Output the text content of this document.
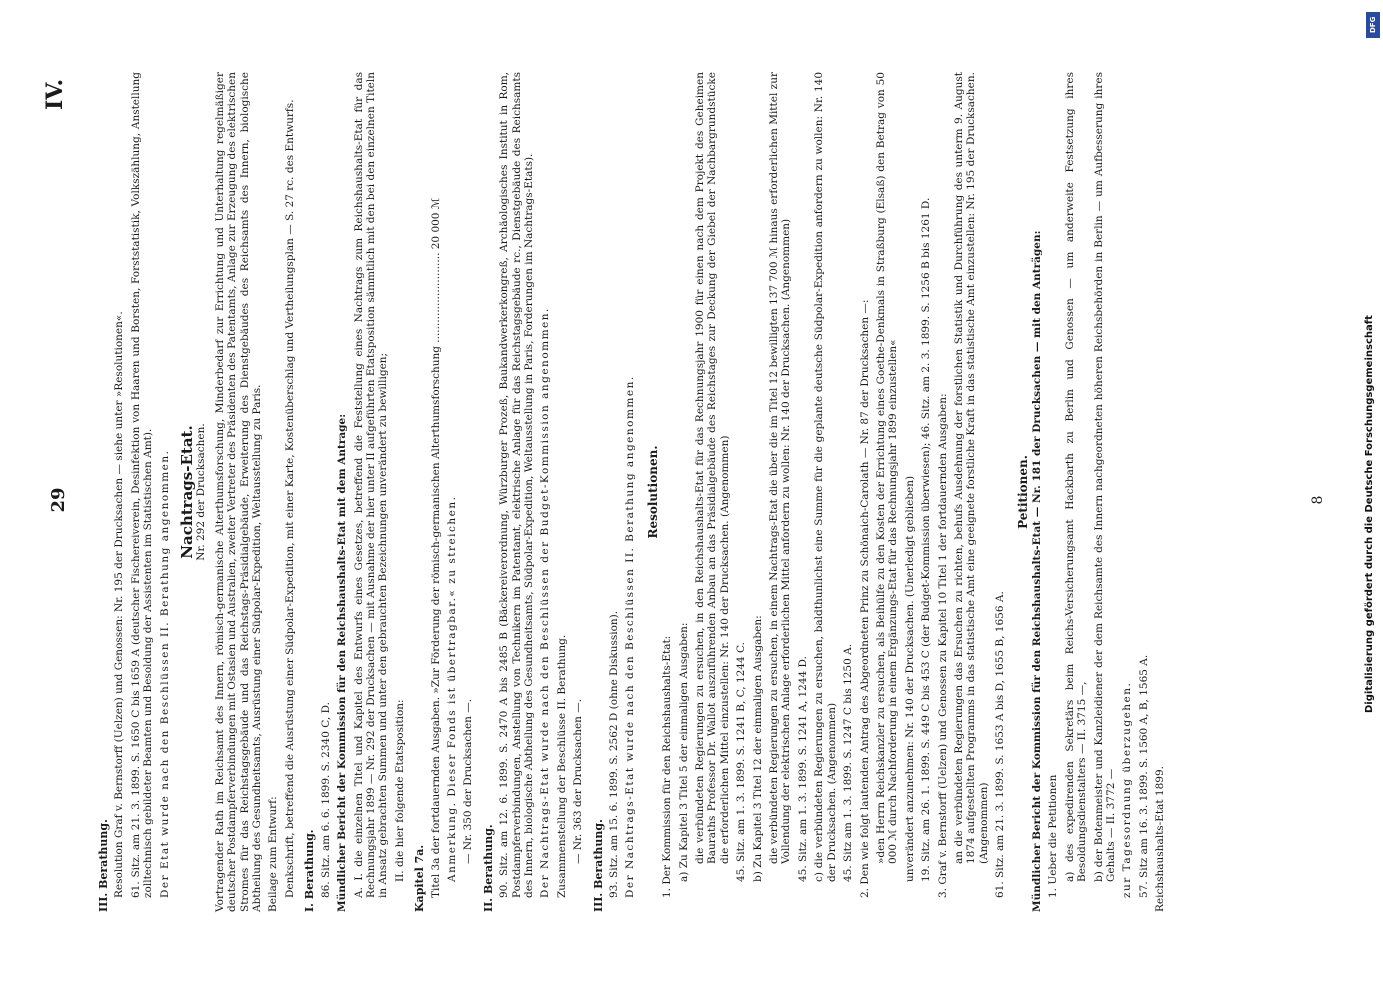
29
IV.
III. Berathung. Resolution Graf v. Bernstorff (Uelzen) und Genossen: Nr. 195 der Drucksachen — siehe unter »Resolutionen«. 61. Sitz. am 21. 3. 1899. S. 1650 C bis 1659 A (deutscher Fischereiverein, Desinfektion von Haaren und Borsten, Forststatistik, Volkszählung, Anstellung zolltechnisch gebildeter Beamten und Besoldung der Assistenten im Statistischen Amt). Der Etat wurde nach den Beschlüssen II. Berathung angenommen. Nachtrags-Etat. Nr. 292 der Drucksachen. Vortragender Rath im Reichsamt des Innern, römisch-germanische Alterthumsforschung, Minderbedarf zur Errichtung und Unterhaltung regelmäßiger deutscher Postdampferverbindungen mit Ostasien und Australien, zweiter Vertreter des Präsidenten des Patentamts, Anlage zur Erzeugung des elektrischen Stromes für das Reichstagsgebäude und das Reichstags-Präsidialgebäude, Erweiterung des Dienstgebäudes des Reichsamts des Innern, biologische Abtheilung des Gesundheitsamts, Ausrüstung einer Südpolar-Expedition, Weltausstellung zu Paris. Beilage zum Entwurf: Denkschrift, betreffend die Ausrüstung einer Südpolar-Expedition, mit einer Karte, Kostenüberschlag und Vertheilungsplan — S. 27 rc. des Entwurfs. I. Berathung. 86. Sitz. am 6. 6. 1899. S. 2340 C, D. Mündlicher Bericht der Kommission für den Reichshaushalts-Etat mit dem Antrage: A. I. die einzelnen Titel und Kapitel des Entwurfs eines Gesetzes, betreffend die Feststellung eines Nachtrags zum Reichshaushalts-Etat für das Rechnungsjahr 1899 — Nr. 292 der Drucksachen — mit Ausnahme der hier unter II aufgeführten Etatsposition sämmtlich mit den bei den einzelnen Titeln in Ansatz gebrachten Summen und unter den gebrauchten Bezeichnungen unverändert zu bewilligen; II. die hier folgende Etatsposition: Kapitel 7a. Titel 3a der fortdauernden Ausgaben. »Zur Förderung der römisch-germanischen Alterthumsforschung ........................... 20 000 ℳ Anmerkung. Dieser Fonds ist übertragbar.« zu streichen. — Nr. 350 der Drucksachen —.

II. Berathung. 90. Sitz. am 12. 6. 1899. S. 2470 A bis 2485 B (Bäckereiverordnung, Würzburger Prozeß, Baukandwerkerkongreß, Archäologisches Institut in Rom, Postdampferverbindungen, Anstellung von Technikern im Patentamt, elektrische Anlage für das Reichstagsgebäude rc., Dienstgebäude des Reichsamts des Innern, biologische Abtheilung des Gesundheitsamts, Südpolar-Expedition, Weltausstellung in Paris, Forderungen im Nachtrags-Etats). Der Nachtrags-Etat wurde nach den Beschlüssen der Budget-Kommission angenommen. Zusammenstellung der Beschlüsse II. Berathung. — Nr. 363 der Drucksachen —.

III. Berathung. 93. Sitz. am 15. 6. 1899. S. 2562 D (ohne Diskussion). Der Nachtrags-Etat wurde nach den Beschlüssen II. Berathung angenommen. Resolutionen.

1. Der Kommission für den Reichshaushalts-Etat: a) Zu Kapitel 3 Titel 5 der einmaligen Ausgaben: die verbündeten Regierungen zu ersuchen, in den Reichshaushalts-Etat für das Rechnungsjahr 1900 für einen nach dem Projekt des Geheimen Bauraths Professor Dr. Wallot auszuführenden Anbau an das Präsidialgebäude des Reichstages zur Deckung der Giebel der Nachbargrundstücke die erforderlichen Mittel einzustellen: Nr. 140 der Drucksachen. (Angenommen) 45. Sitz. am 1. 3. 1899. S. 1241 B, C, 1244 C. b) Zu Kapitel 3 Titel 12 der einmaligen Ausgaben: die verbündeten Regierungen zu ersuchen, in einem Nachtrags-Etat die über die im Titel 12 bewilligten 137 700 ℳ hinaus erforderlichen Mittel zur Vollendung der elektrischen Anlage erforderlichen Mittel anfordern zu wollen: Nr. 140 der Drucksachen. (Angenommen) 45. Sitz. am 1. 3. 1899. S. 1241 A, 1244 D. c) die verbündeten Regierungen zu ersuchen, baldthunlichst eine Summe für die geplante deutsche Südpolar-Expedition anfordern zu wollen: Nr. 140 der Drucksachen. (Angenommen) 45. Sitz am 1. 3. 1899. S. 1247 C bis 1250 A. 2. Den wie folgt lautenden Antrag des Abgeordneten Prinz zu Schönaich-Carolath — Nr. 87 der Drucksachen —: »den Herrn Reichskanzler zu ersuchen, als Beihülfe zu den Kosten der Errichtung eines Goethe-Denkmals in Straßburg (Elsaß) den Betrag von 50 000 ℳ durch Nachforderung in einem Ergänzungs-Etat für das Rechnungsjahr 1899 einzustellen« unverändert anzunehmen: Nr. 140 der Drucksachen. (Unerledigt geblieben) 19. Sitz. am 26. 1. 1899. S. 449 C bis 453 C (der Budget-Kommission überwiesen); 46. Sitz. am 2. 3. 1899. S. 1256 B bis 1261 D. 3. Graf v. Bernstorff (Uelzen) und Genossen zu Kapitel 10 Titel 1 der fortdauernden Ausgaben: an die verbündeten Regierungen das Ersuchen zu richten, behufs Ausdehnung der forstlichen Statistik und Durchführung des unterm 9. August 1874 aufgestellten Programms in das statistische Amt eine geeignete forstliche Kraft in das statistische Amt einzustellen: Nr. 195 der Drucksachen. (Angenommen) 61. Sitz. am 21. 3. 1899. S. 1653 A bis D, 1655 B, 1656 A.

Petitionen. Mündlicher Bericht der Kommission für den Reichshaushalts-Etat — Nr. 181 der Drucksachen — mit den Anträgen: 1. Ueber die Petitionen a) des expedirenden Sekretärs beim Reichs-Versicherungsamt Hackbarth zu Berlin und Genossen — um anderweite Festsetzung ihres Besoldungsdienstalters — II. 3715 —, b) der Botenmeister und Kanzleidiener der dem Reichsamte des Innern nachgeordneten höheren Reichsbehörden in Berlin — um Aufbesserung ihres Gehalts — II. 3772 — zur Tagesordnung überzugehen. 57. Sitz am 16. 3. 1899. S. 1560 A, B, 1565 A. Reichshaushalts-Etat 1899.

8
DFG
Digitalisierung gefördert durch die Deutsche Forschungsgemeinschaft
